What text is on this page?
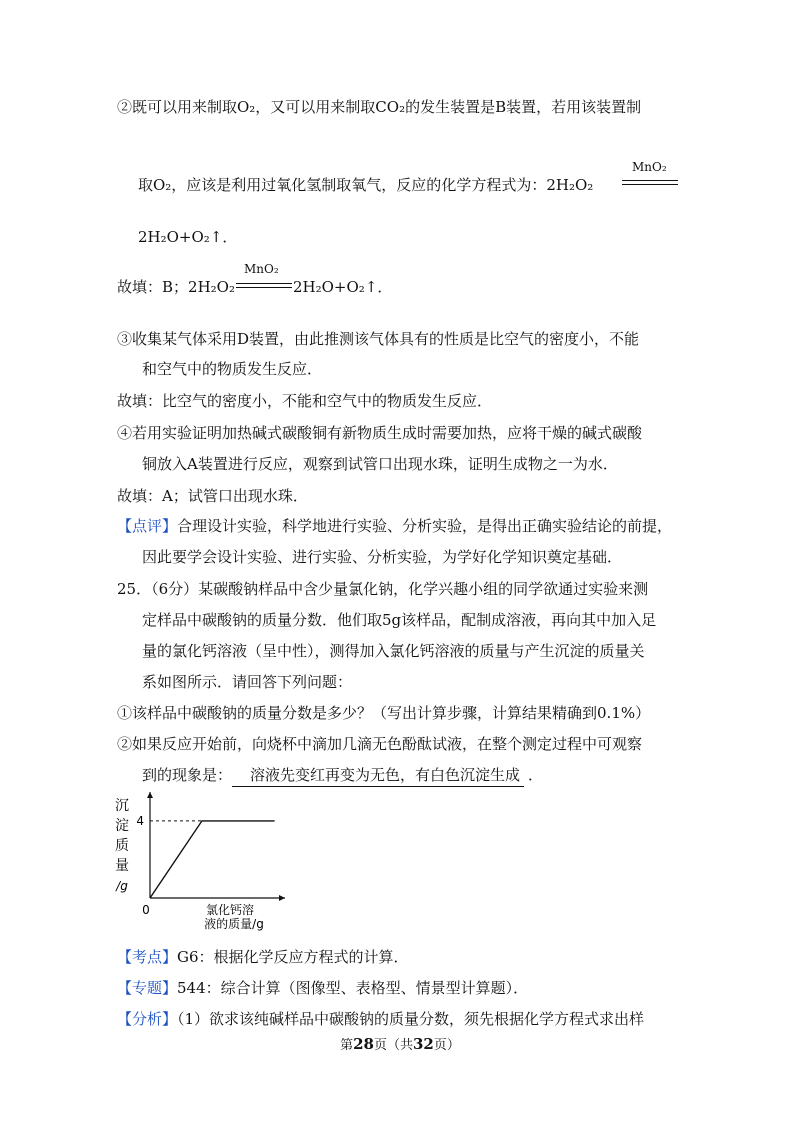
②既可以用来制取O₂，又可以用来制取CO₂的发生装置是B装置，若用该装置制
取O₂，应该是利用过氧化氢制取氧气，反应的化学方程式为：2H₂O₂
MnO₂
2H₂O+O₂↑．
故填：B；2H₂O₂
MnO₂
2H₂O+O₂↑．
③收集某气体采用D装置，由此推测该气体具有的性质是比空气的密度小，不能
和空气中的物质发生反应．
故填：比空气的密度小，不能和空气中的物质发生反应．
④若用实验证明加热碱式碳酸铜有新物质生成时需要加热，应将干燥的碱式碳酸
铜放入A装置进行反应，观察到试管口出现水珠，证明生成物之一为水．
故填：A；试管口出现水珠．
【点评】合理设计实验，科学地进行实验、分析实验，是得出正确实验结论的前提，
因此要学会设计实验、进行实验、分析实验，为学好化学知识奠定基础．
25．（6分）某碳酸钠样品中含少量氯化钠，化学兴趣小组的同学欲通过实验来测
定样品中碳酸钠的质量分数．他们取5g该样品，配制成溶液，再向其中加入足
量的氯化钙溶液（呈中性），测得加入氯化钙溶液的质量与产生沉淀的质量关
系如图所示．请回答下列问题：
①该样品中碳酸钠的质量分数是多少？（写出计算步骤，计算结果精确到0.1%）
②如果反应开始前，向烧杯中滴加几滴无色酚酞试液，在整个测定过程中可观察
到的现象是： 溶液先变红再变为无色，有白色沉淀生成 ．
沉
淀
质
量
/g
0
4
氯化钙溶
液的质量/g
【考点】G6：根据化学反应方程式的计算．
【专题】544：综合计算（图像型、表格型、情景型计算题）．
【分析】（1）欲求该纯碱样品中碳酸钠的质量分数，须先根据化学方程式求出样
第28页（共32页）
